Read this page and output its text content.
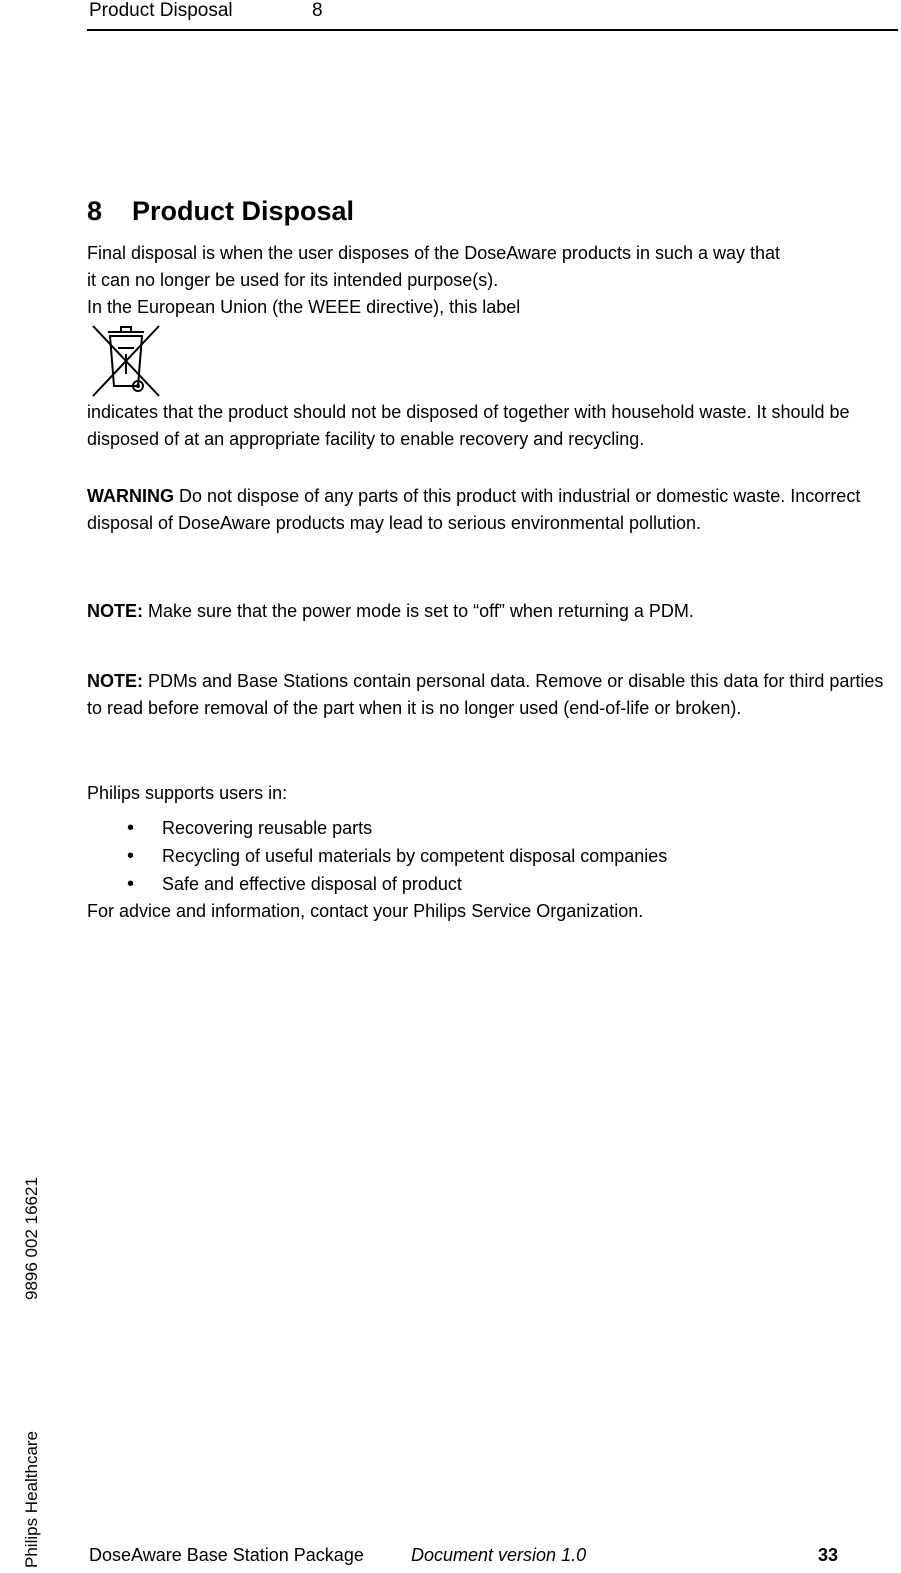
Product Disposal	8
8 Product Disposal
Final disposal is when the user disposes of the DoseAware products in such a way that
it can no longer be used for its intended purpose(s).
In the European Union (the WEEE directive), this label
indicates that the product should not be disposed of together with household waste. It should be disposed of at an appropriate facility to enable recovery and recycling.
WARNING Do not dispose of any parts of this product with industrial or domestic waste. Incorrect disposal of DoseAware products may lead to serious environmental pollution.
NOTE: Make sure that the power mode is set to “off” when returning a PDM.
NOTE: PDMs and Base Stations contain personal data. Remove or disable this data for third parties to read before removal of the part when it is no longer used (end-of-life or broken).
Philips supports users in:
• Recovering reusable parts
• Recycling of useful materials by competent disposal companies
• Safe and effective disposal of product
For advice and information, contact your Philips Service Organization.
9896 002 16621
Philips Healthcare	DoseAware Base Station Package	Document version 1.0	33
